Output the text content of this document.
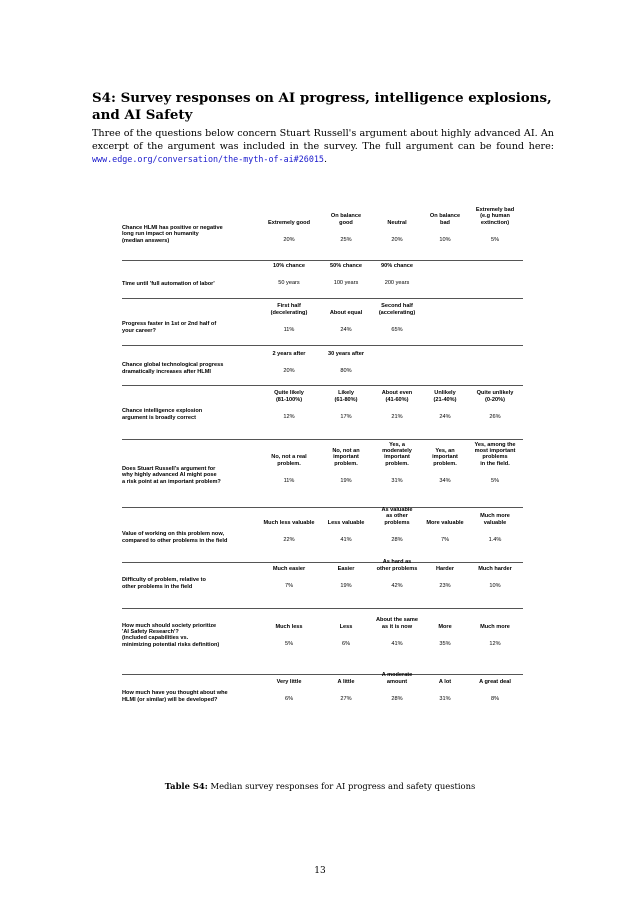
S4: Survey responses on AI progress, intelligence explosions, and AI Safety
Three of the questions below concern Stuart Russell's argument about highly advanced AI. An excerpt of the argument was included in the survey. The full argument can be found here: www.edge.org/conversation/the-myth-of-ai#26015.
Chance HLMI has positive or negative
long run impact on humanity
(median answers)
Extremely good
20%
On balance
good
25%
Neutral
20%
On balance
bad
10%
Extremely bad
(e.g human
extinction)
5%
Time until 'full automation of labor'
10% chance
50 years
50% chance
100 years
90% chance
200 years
Progress faster in 1st or 2nd half of
your career?
First half
(decelerating)
11%
About equal
24%
Second half
(accelerating)
65%
Chance global technological progress
dramatically increases after HLMI
2 years after
20%
30 years after
80%
Chance intelligence explosion
argument is broadly correct
Quite likely
(81-100%)
12%
Likely
(61-80%)
17%
About even
(41-60%)
21%
Unlikely
(21-40%)
24%
Quite unlikely
(0-20%)
26%
Does Stuart Russell's argument for
why highly advanced AI might pose
a risk point at an important problem?
No, not a real
problem.
11%
No, not an
important
problem.
19%
Yes, a
moderately
important
problem.
31%
Yes, an
important
problem.
34%
Yes, among the
most important
problems
in the field.
5%
Value of working on this problem now,
compared to other problems in the field
Much less valuable
22%
Less valuable
41%
As valuable
as other
problems
28%
More valuable
7%
Much more
valuable
1.4%
Difficulty of problem, relative to
other problems in the field
Much easier
7%
Easier
19%
As hard as
other problems
42%
Harder
23%
Much harder
10%
How much should society prioritize
'AI Safety Research'?
(included capabilities vs.
minimizing potential risks definition)
Much less
5%
Less
6%
About the same
as it is now
41%
More
35%
Much more
12%
How much have you thought about whe
HLMI (or similar) will be developed?
Very little
6%
A little
27%
A moderate
amount
28%
A lot
31%
A great deal
8%
Table S4: Median survey responses for AI progress and safety questions
13
